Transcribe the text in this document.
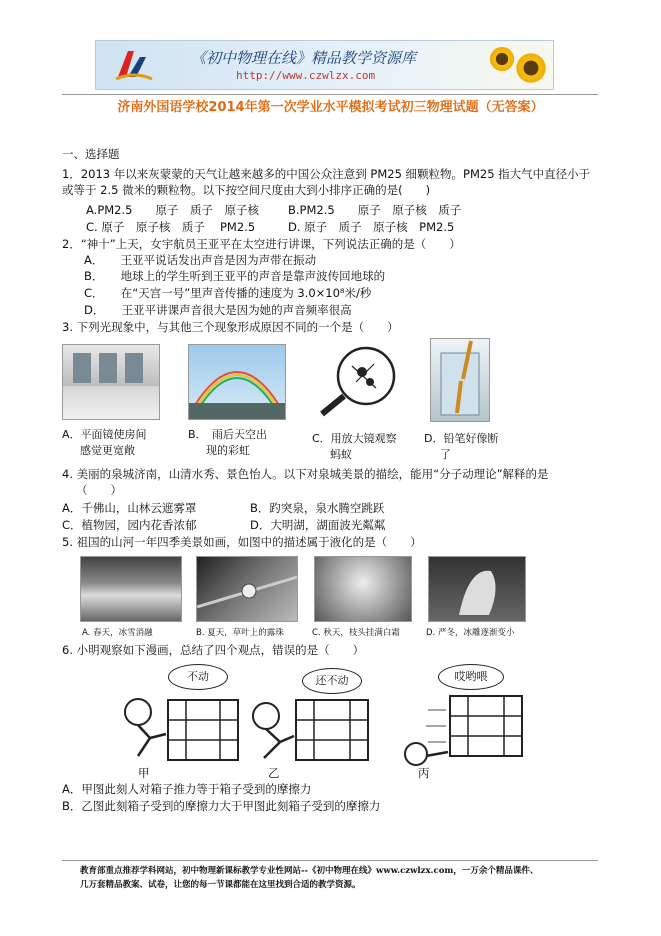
《初中物理在线》精品教学资源库
http://www.czwlzx.com
济南外国语学校2014年第一次学业水平模拟考试初三物理试题（无答案）
一、选择题
1．2013 年以来灰蒙蒙的天气让越来越多的中国公众注意到 PM25 细颗粒物。PM25 指大气中直径小于
或等于 2.5 微米的颗粒物。以下按空间尺度由大到小排序正确的是(　　)
A.PM2.5　　原子　质子　原子核	B.PM2.5　　原子　原子核　质子
C. 原子　原子核　质子　 PM2.5	D. 原子　质子　原子核　PM2.5
2．“神十”上天，女宇航员王亚平在太空进行讲课，下列说法正确的是（　　）
A．　　王亚平说话发出声音是因为声带在振动
B．　　地球上的学生听到王亚平的声音是靠声波传回地球的
C．　　在“天宫一号”里声音传播的速度为 3.0×10⁸米/秒
D．　　王亚平讲课声音很大是因为她的声音频率很高
3. 下列光现象中，与其他三个现象形成原因不同的一个是（　　）
A．平面镜使房间
感觉更宽敞
B．　雨后天空出
现的彩虹
C．用放大镜观察
蚂蚁
D．铅笔好像断
了
4. 美丽的泉城济南，山清水秀、景色怡人。以下对泉城美景的描绘，能用“分子动理论”解释的是
（　　）
A．千佛山，山林云遮雾罩	B．趵突泉，泉水腾空跳跃
C．植物园，园内花香浓郁	D．大明湖，湖面波光粼粼
5. 祖国的山河一年四季美景如画，如图中的描述属于液化的是（　　）
A. 春天，冰雪消融	B. 夏天，草叶上的露珠	C. 秋天，枝头挂满白霜	D. 严冬，冰雕逐渐变小
6. 小明观察如下漫画，总结了四个观点，错误的是（　　）
不动	还不动	哎哟喂
甲	乙	丙
A．甲图此刻人对箱子推力等于箱子受到的摩擦力
B．乙图此刻箱子受到的摩擦力大于甲图此刻箱子受到的摩擦力
教育部重点推荐学科网站，初中物理新课标教学专业性网站--《初中物理在线》www.czwlzx.com，一万余个精品课件、
几万套精品教案、试卷，让您的每一节课都能在这里找到合适的教学资源。
